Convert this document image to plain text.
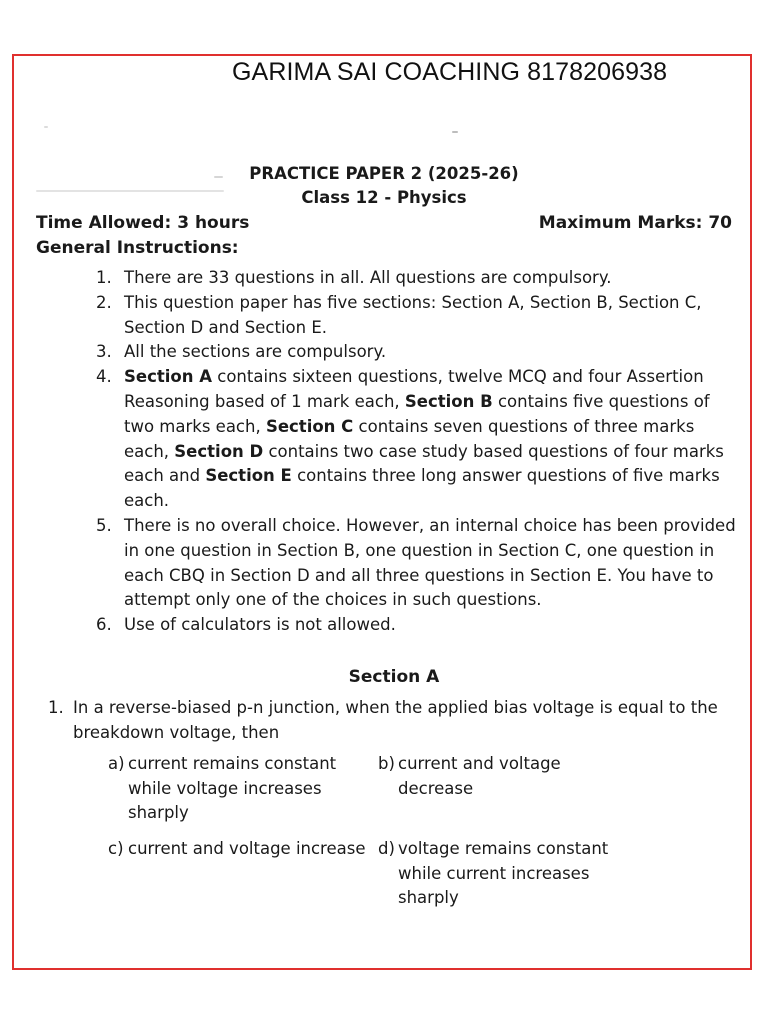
GARIMA SAI COACHING 8178206938
PRACTICE PAPER 2 (2025-26)
Class 12 - Physics
Time Allowed: 3 hours	Maximum Marks: 70
General Instructions:
1. There are 33 questions in all. All questions are compulsory.
2. This question paper has five sections: Section A, Section B, Section C, Section D and Section E.
3. All the sections are compulsory.
4. Section A contains sixteen questions, twelve MCQ and four Assertion Reasoning based of 1 mark each, Section B contains five questions of two marks each, Section C contains seven questions of three marks each, Section D contains two case study based questions of four marks each and Section E contains three long answer questions of five marks each.
5. There is no overall choice. However, an internal choice has been provided in one question in Section B, one question in Section C, one question in each CBQ in Section D and all three questions in Section E. You have to attempt only one of the choices in such questions.
6. Use of calculators is not allowed.
Section A
1. In a reverse-biased p-n junction, when the applied bias voltage is equal to the breakdown voltage, then
a) current remains constant while voltage increases sharply
b) current and voltage decrease
c) current and voltage increase d) voltage remains constant while current increases sharply
